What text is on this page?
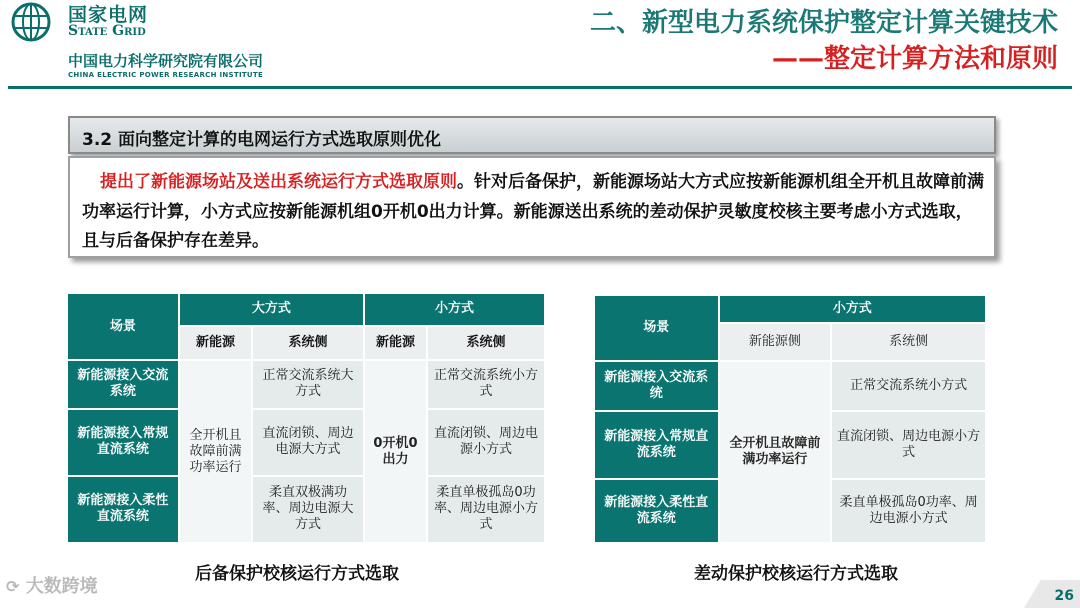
国家电网
State Grid
中国电力科学研究院有限公司
CHINA ELECTRIC POWER RESEARCH INSTITUTE
二、新型电力系统保护整定计算关键技术
——整定计算方法和原则
3.2 面向整定计算的电网运行方式选取原则优化
提出了新能源场站及送出系统运行方式选取原则。针对后备保护，新能源场站大方式应按新能源机组全开机且故障前满功率运行计算，小方式应按新能源机组0开机0出力计算。新能源送出系统的差动保护灵敏度校核主要考虑小方式选取，且与后备保护存在差异。
场景	大方式		小方式	
	新能源	系统侧	新能源	系统侧
新能源接入交流系统	全开机且故障前满功率运行	正常交流系统大方式	0开机0出力	正常交流系统小方式
新能源接入常规直流系统		直流闭锁、周边电源大方式		直流闭锁、周边电源小方式
新能源接入柔性直流系统		柔直双极满功率、周边电源大方式		柔直单极孤岛0功率、周边电源小方式
场景	小方式	
	新能源侧	系统侧
新能源接入交流系统	全开机且故障前满功率运行	正常交流系统小方式
新能源接入常规直流系统		直流闭锁、周边电源小方式
新能源接入柔性直流系统		柔直单极孤岛0功率、周边电源小方式
后备保护校核运行方式选取	差动保护校核运行方式选取
⟳ 大数跨境	26
